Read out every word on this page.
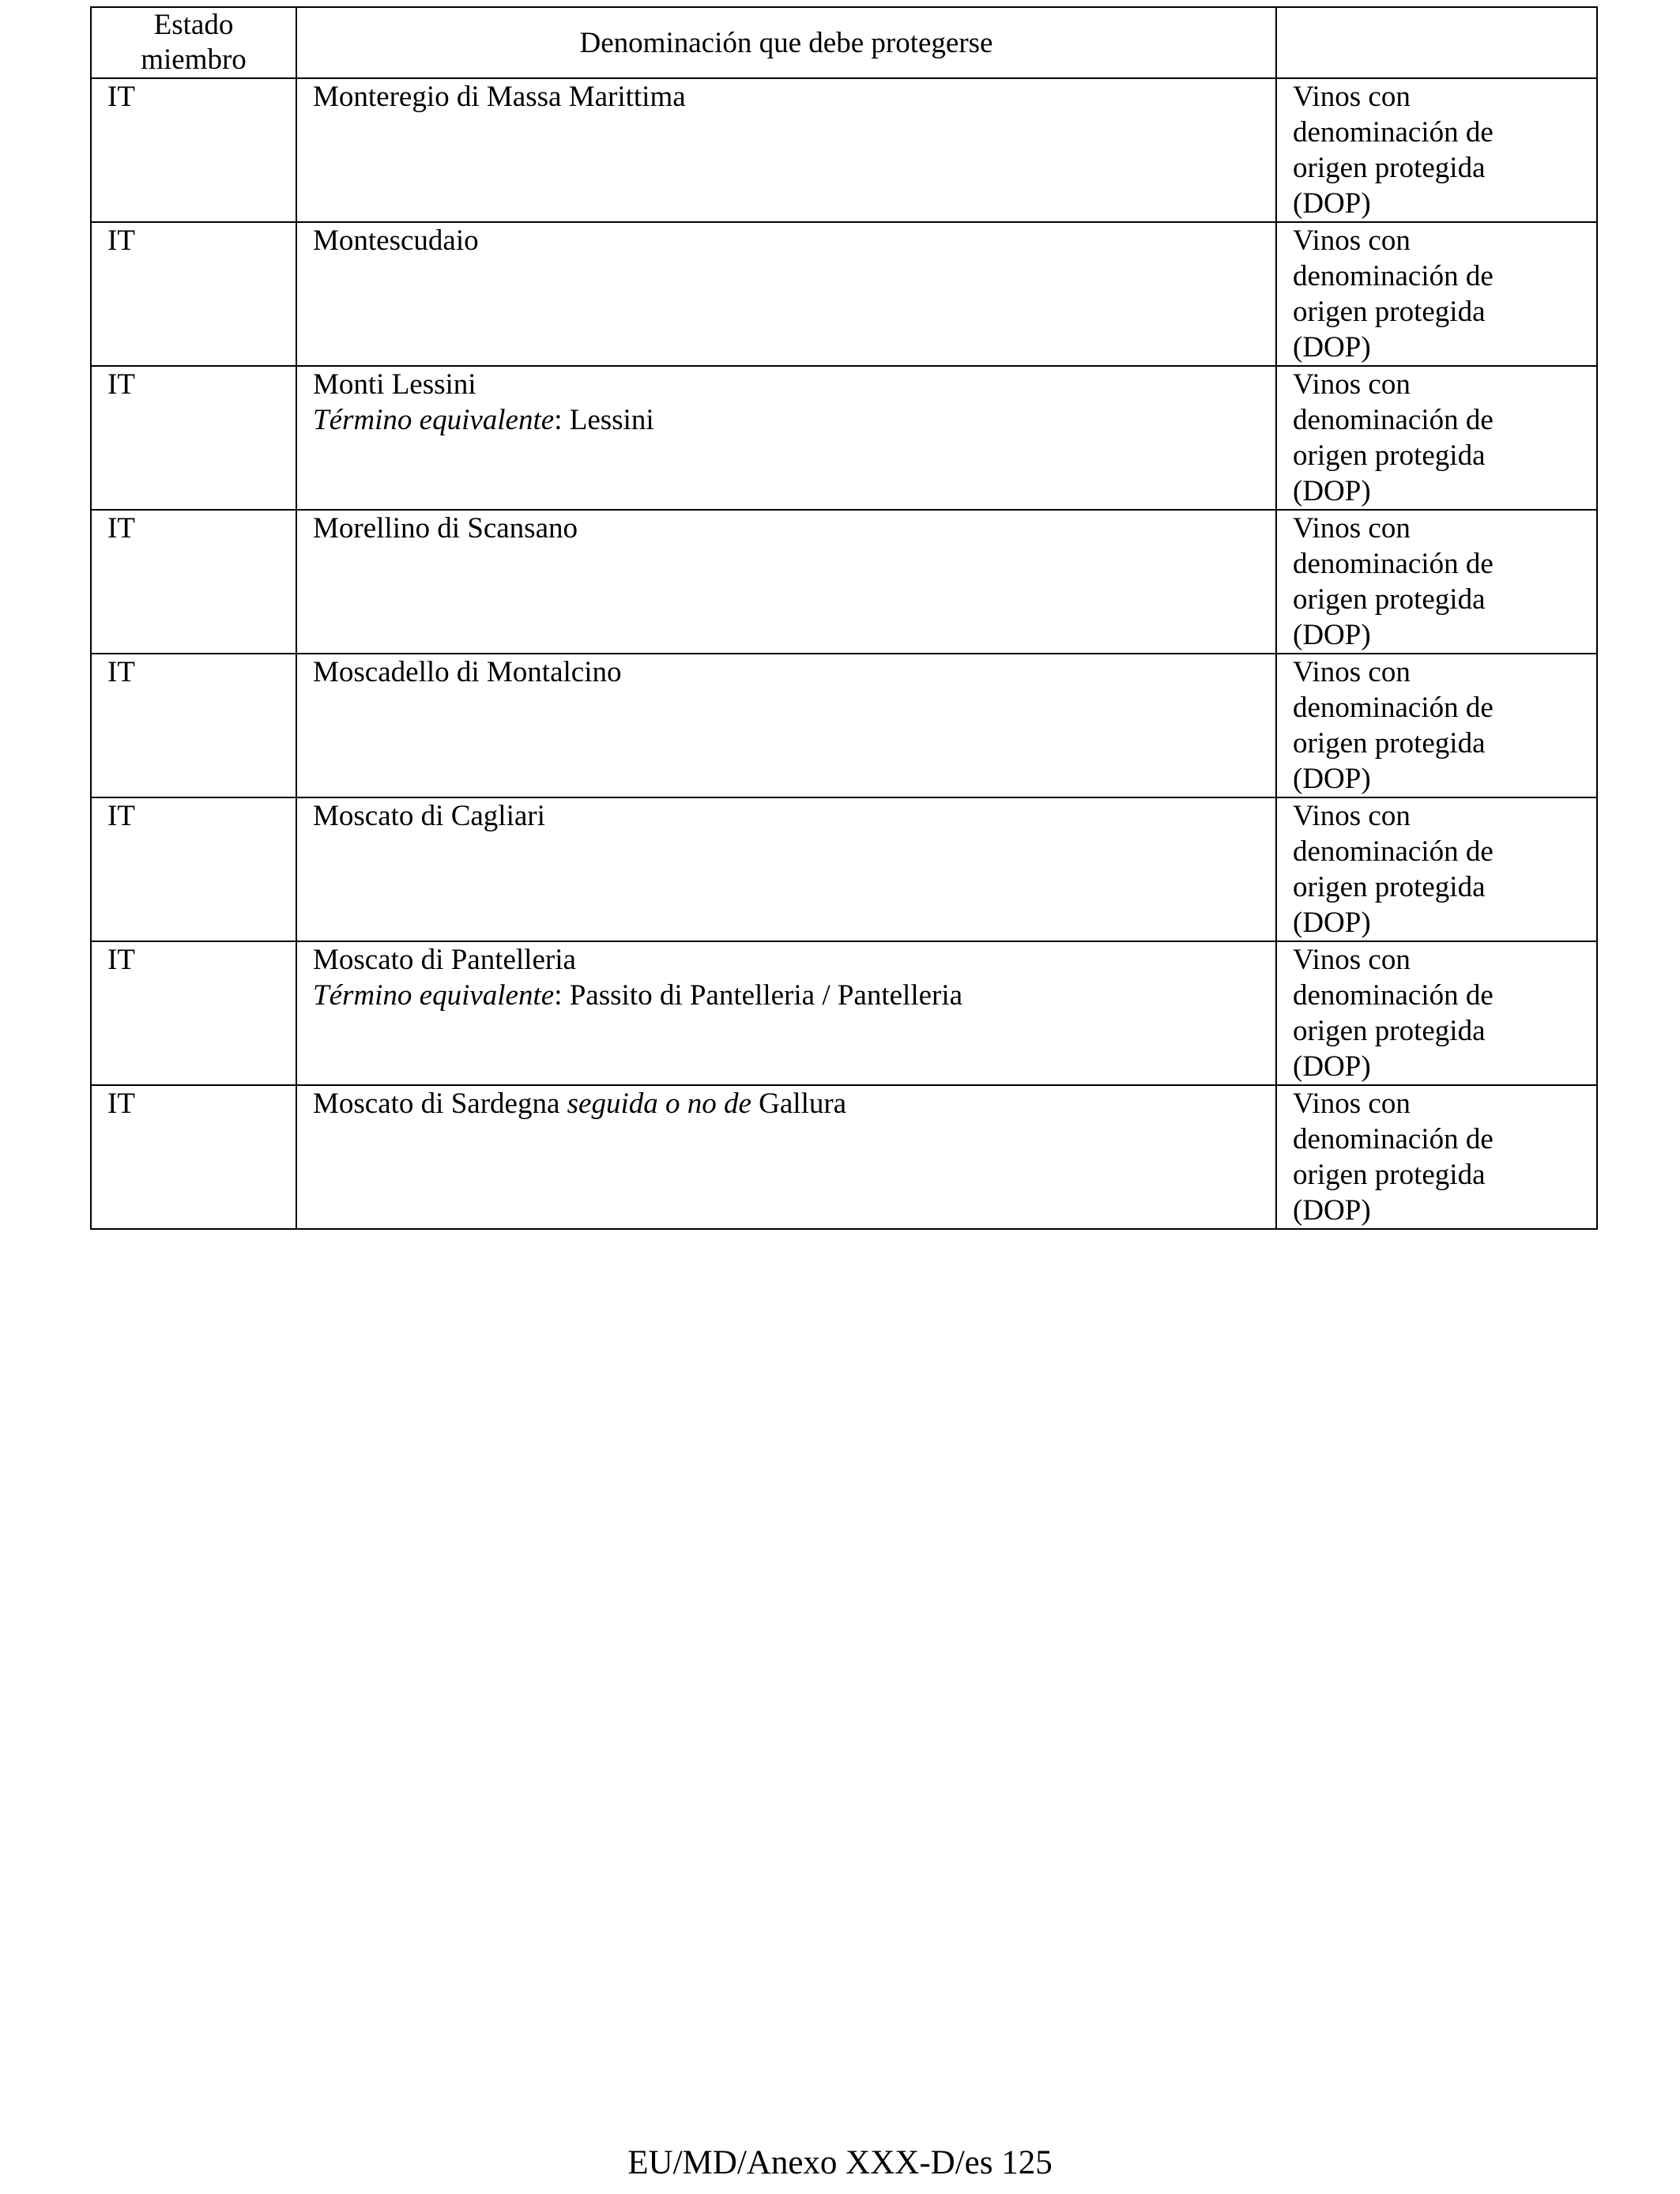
Estado
miembro	Denominación que debe protegerse	
IT	Monteregio di Massa Marittima	Vinos con
denominación de
origen protegida
(DOP)

IT	Montescudaio	Vinos con
denominación de
origen protegida
(DOP)

IT	Monti Lessini
Término equivalente: Lessini	Vinos con
denominación de
origen protegida
(DOP)

IT	Morellino di Scansano	Vinos con
denominación de
origen protegida
(DOP)

IT	Moscadello di Montalcino	Vinos con
denominación de
origen protegida
(DOP)

IT	Moscato di Cagliari	Vinos con
denominación de
origen protegida
(DOP)

IT	Moscato di Pantelleria
Término equivalente: Passito di Pantelleria / Pantelleria	Vinos con
denominación de
origen protegida
(DOP)

IT	Moscato di Sardegna seguida o no de Gallura	Vinos con
denominación de
origen protegida
(DOP)
EU/MD/Anexo XXX-D/es 125
